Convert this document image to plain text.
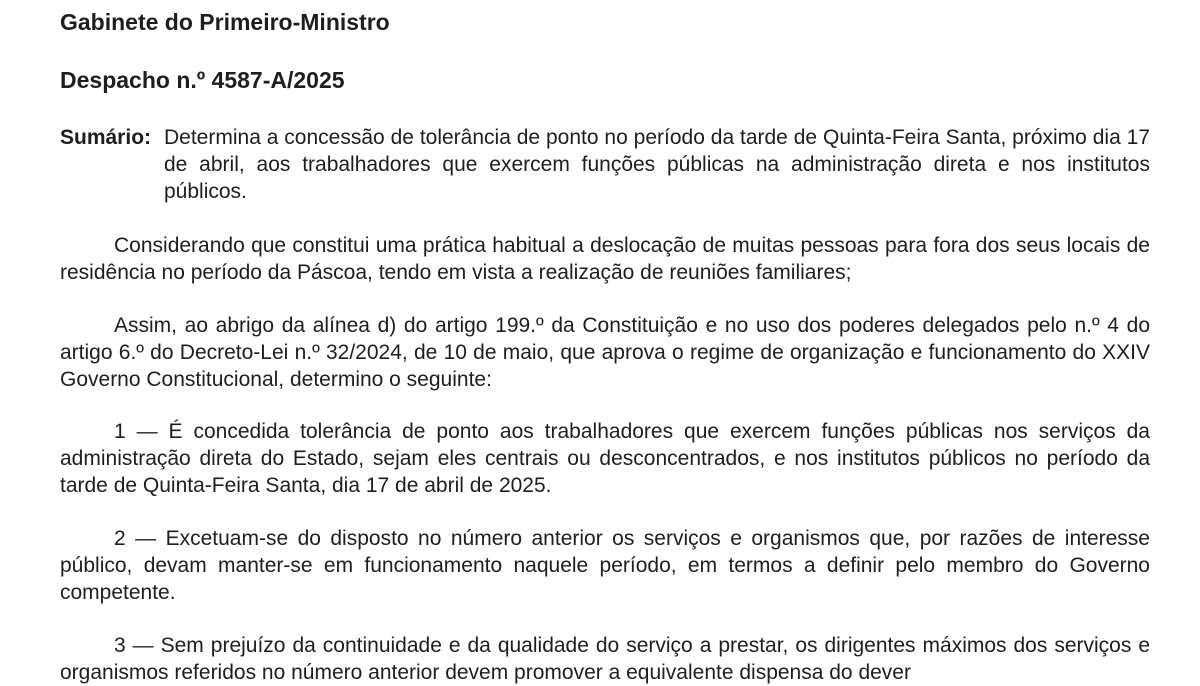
Gabinete do Primeiro-Ministro
Despacho n.º 4587-A/2025
Sumário: Determina a concessão de tolerância de ponto no período da tarde de Quinta-Feira Santa, próximo dia 17 de abril, aos trabalhadores que exercem funções públicas na administração direta e nos institutos públicos.

Considerando que constitui uma prática habitual a deslocação de muitas pessoas para fora dos seus locais de residência no período da Páscoa, tendo em vista a realização de reuniões familiares;

Assim, ao abrigo da alínea d) do artigo 199.º da Constituição e no uso dos poderes delegados pelo n.º 4 do artigo 6.º do Decreto-Lei n.º 32/2024, de 10 de maio, que aprova o regime de organização e funcionamento do XXIV Governo Constitucional, determino o seguinte:

1 — É concedida tolerância de ponto aos trabalhadores que exercem funções públicas nos serviços da administração direta do Estado, sejam eles centrais ou desconcentrados, e nos institutos públicos no período da tarde de Quinta-Feira Santa, dia 17 de abril de 2025.

2 — Excetuam-se do disposto no número anterior os serviços e organismos que, por razões de interesse público, devam manter-se em funcionamento naquele período, em termos a definir pelo membro do Governo competente.

3 — Sem prejuízo da continuidade e da qualidade do serviço a prestar, os dirigentes máximos dos serviços e organismos referidos no número anterior devem promover a equivalente dispensa do dever
